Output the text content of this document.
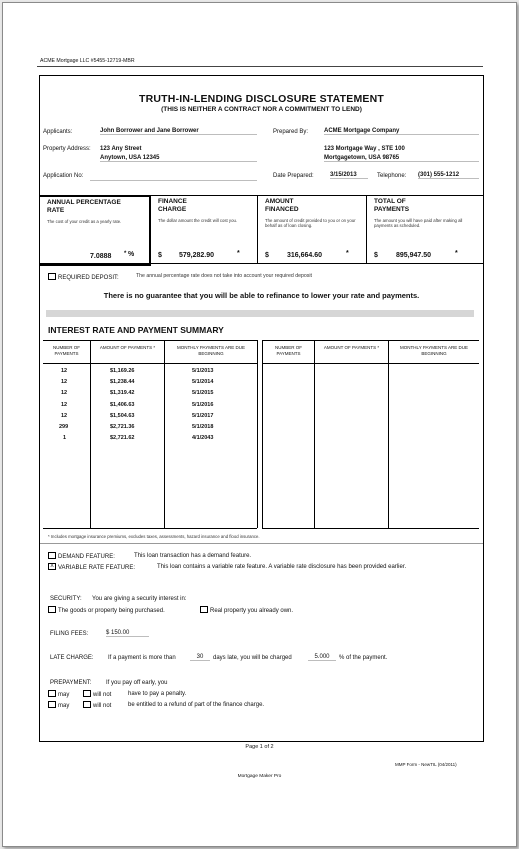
ACME Mortgage LLC #5455-12719-MBR
TRUTH-IN-LENDING DISCLOSURE STATEMENT
(THIS IS NEITHER A CONTRACT NOR A COMMITMENT TO LEND)
Applicants:	John Borrower and Jane Borrower	Prepared By:	ACME Mortgage Company
Property Address: 123 Any Street
Anytown, USA 12345
123 Mortgage Way , STE 100
Mortgagetown, USA 98765
Application No:	Date Prepared:	3/15/2013	Telephone: (301) 555-1212
ANNUAL PERCENTAGE
RATE
The cost of your credit as a yearly rate.
7.0888 %
*
FINANCE
CHARGE
The dollar amount the credit will cost you.
$ 579,282.90	*
AMOUNT
FINANCED
The amount of credit provided to you or on your behalf as of loan closing.
$	316,664.60	*
TOTAL OF
PAYMENTS
The amount you will have paid after making all payments as scheduled.
$	895,947.50	*
REQUIRED DEPOSIT:	The annual percentage rate does not take into account your required deposit
There is no guarantee that you will be able to refinance to lower your rate and payments.
INTEREST RATE AND PAYMENT SUMMARY
NUMBER OF PAYMENTS
AMOUNT OF PAYMENTS *	MONTHLY PAYMENTS ARE DUE BEGINNING
NUMBER OF PAYMENTS
AMOUNT OF PAYMENTS *	MONTHLY PAYMENTS ARE DUE BEGINNING
12	$1,169.26	5/1/2013
12	$1,238.44	5/1/2014
12	$1,319.42	5/1/2015
12	$1,406.63	5/1/2016
12	$1,504.63	5/1/2017
299	$2,721.36	5/1/2018
1	$2,721.62	4/1/2043
* Includes mortgage insurance premiums, excludes taxes, assessments, hazard insurance and flood insurance.
DEMAND FEATURE:	This loan transaction has a demand feature.
X VARIABLE RATE FEATURE:	This loan contains a variable rate feature. A variable rate disclosure has been provided earlier.
SECURITY: You are giving a security interest in:
The goods or property being purchased.	Real property you already own.
FILING FEES:	$ 150.00
LATE CHARGE: If a payment is more than	30	days late, you will be charged	5.000	% of the payment.
PREPAYMENT: If you pay off early, you
may	will not	have to pay a penalty.
may	will not	be entitled to a refund of part of the finance charge.
Page 1 of 2
MMP Form - NewTIL (04/2011)
Mortgage Maker Pro
